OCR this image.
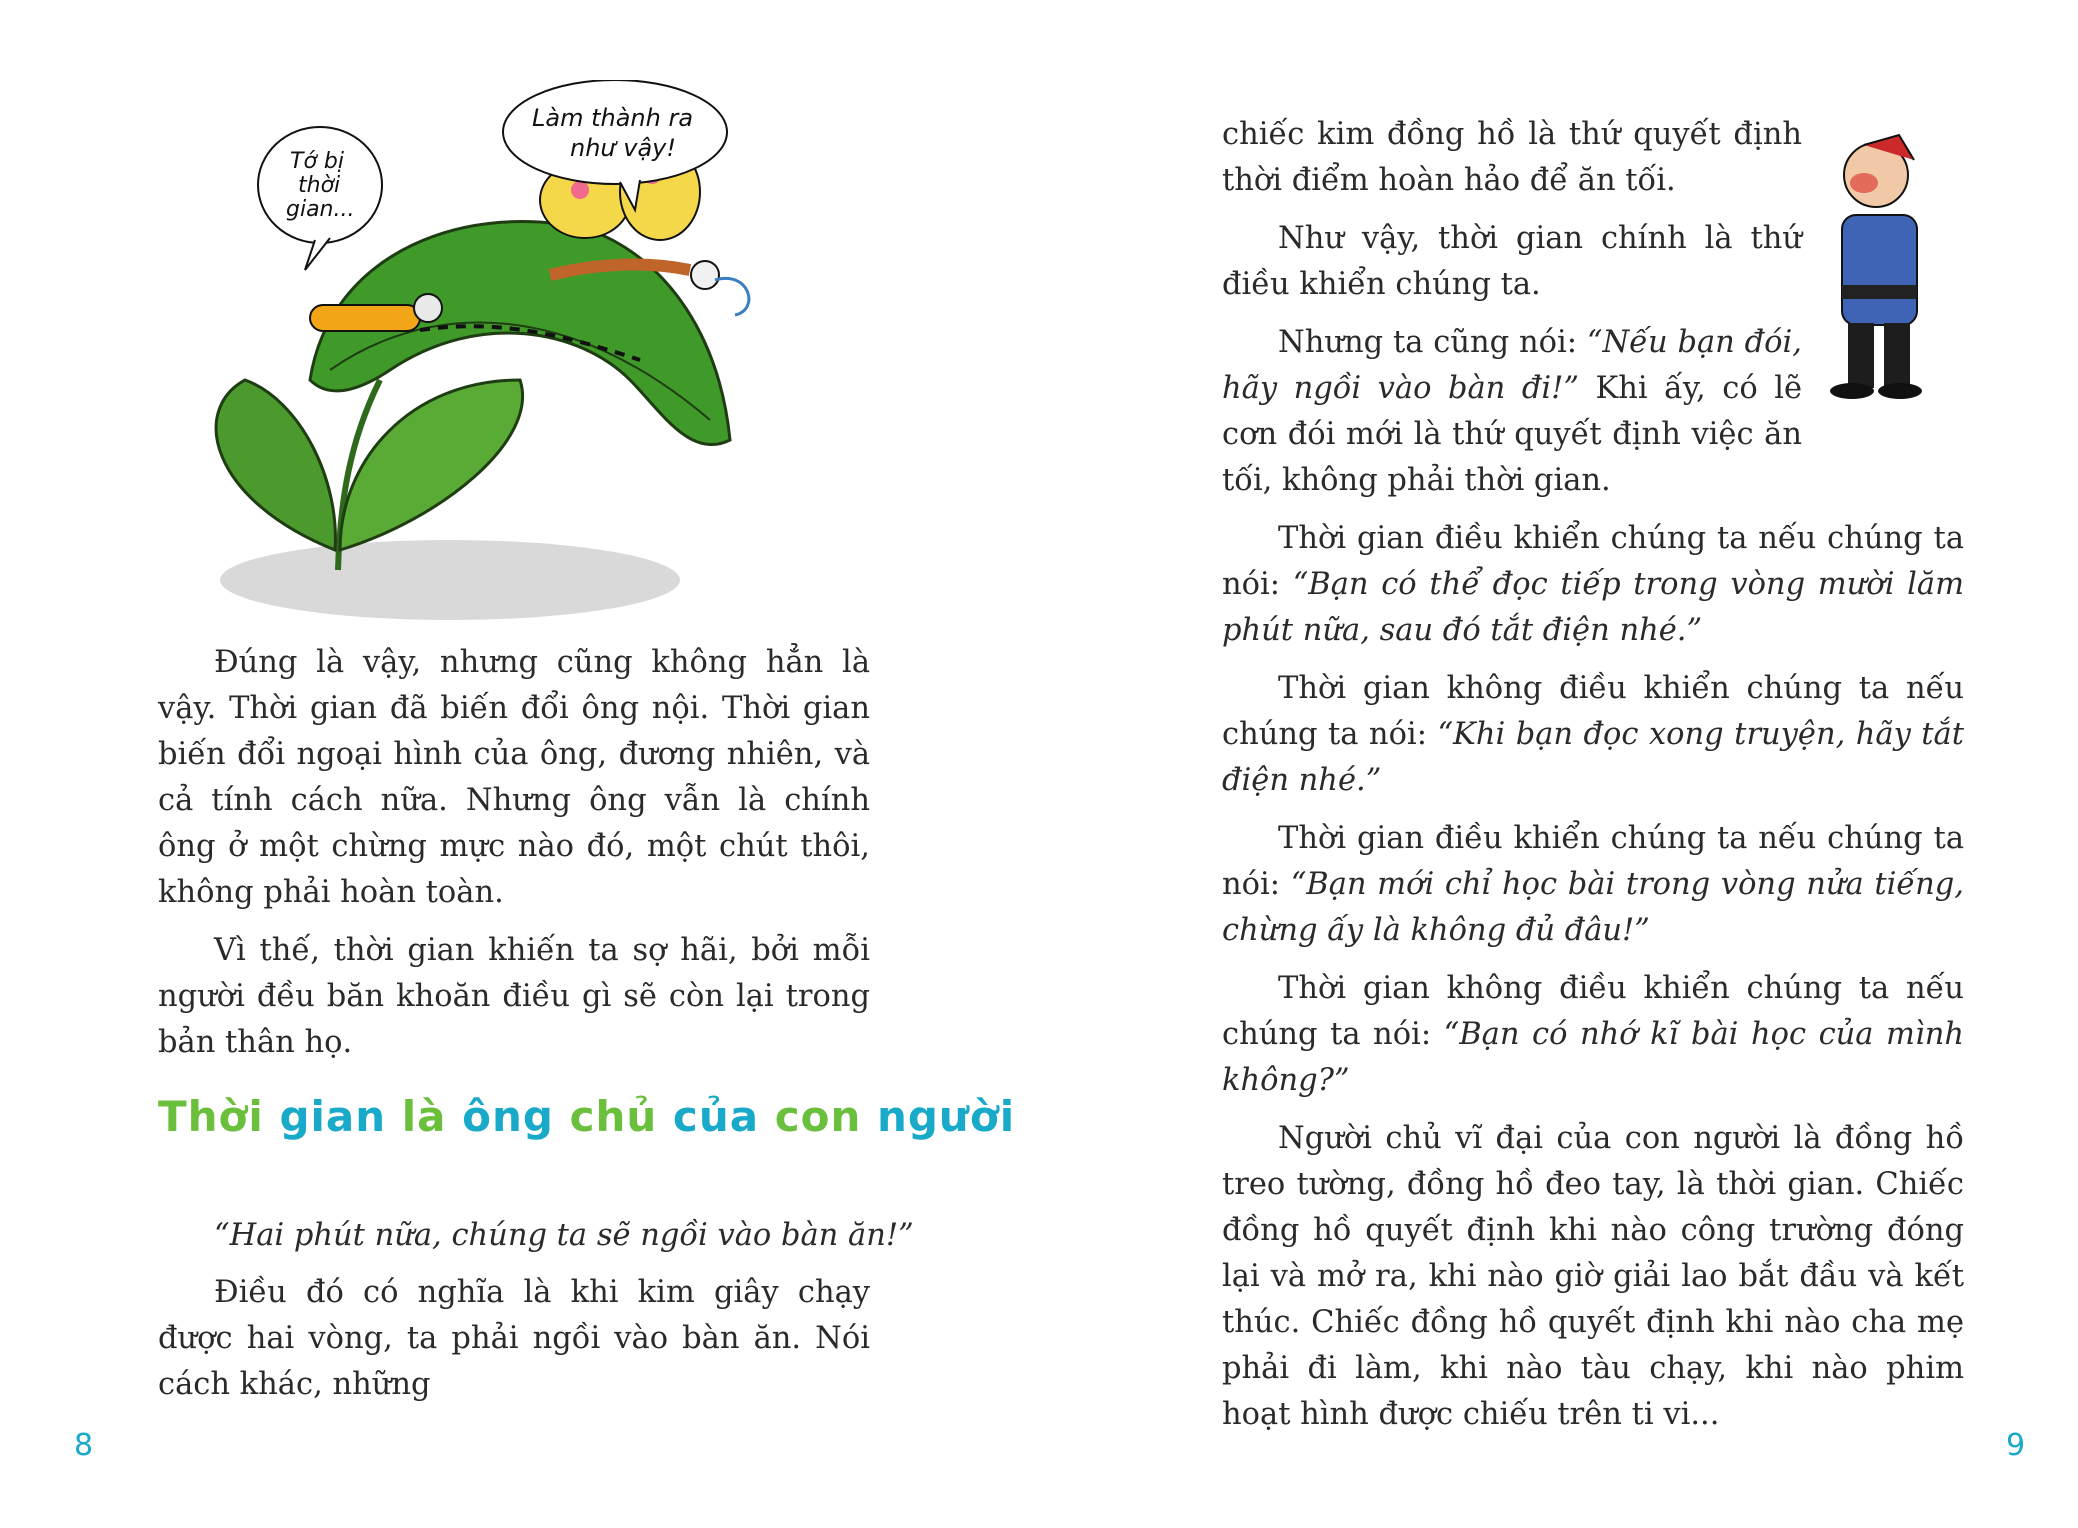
Tớ bị
thời
gian...
Làm thành ra
như vậy!

Đúng là vậy, nhưng cũng không hẳn là vậy. Thời gian đã biến đổi ông nội. Thời gian biến đổi ngoại hình của ông, đương nhiên, và cả tính cách nữa. Nhưng ông vẫn là chính ông ở một chừng mực nào đó, một chút thôi, không phải hoàn toàn.

Vì thế, thời gian khiến ta sợ hãi, bởi mỗi người đều băn khoăn điều gì sẽ còn lại trong bản thân họ.

Thời gian là ông chủ của con người
“Hai phút nữa, chúng ta sẽ ngồi vào bàn ăn!”

Điều đó có nghĩa là khi kim giây chạy được hai vòng, ta phải ngồi vào bàn ăn. Nói cách khác, những

8

chiếc kim đồng hồ là thứ quyết định thời điểm hoàn hảo để ăn tối.

Như vậy, thời gian chính là thứ điều khiển chúng ta.

Nhưng ta cũng nói: “Nếu bạn đói, hãy ngồi vào bàn đi!” Khi ấy, có lẽ cơn đói mới là thứ quyết định việc ăn tối, không phải thời gian.

Thời gian điều khiển chúng ta nếu chúng ta nói: “Bạn có thể đọc tiếp trong vòng mười lăm phút nữa, sau đó tắt điện nhé.”

Thời gian không điều khiển chúng ta nếu chúng ta nói: “Khi bạn đọc xong truyện, hãy tắt điện nhé.”

Thời gian điều khiển chúng ta nếu chúng ta nói: “Bạn mới chỉ học bài trong vòng nửa tiếng, chừng ấy là không đủ đâu!”

Thời gian không điều khiển chúng ta nếu chúng ta nói: “Bạn có nhớ kĩ bài học của mình không?”

Người chủ vĩ đại của con người là đồng hồ treo tường, đồng hồ đeo tay, là thời gian. Chiếc đồng hồ quyết định khi nào công trường đóng lại và mở ra, khi nào giờ giải lao bắt đầu và kết thúc. Chiếc đồng hồ quyết định khi nào cha mẹ phải đi làm, khi nào tàu chạy, khi nào phim hoạt hình được chiếu trên ti vi...

9
